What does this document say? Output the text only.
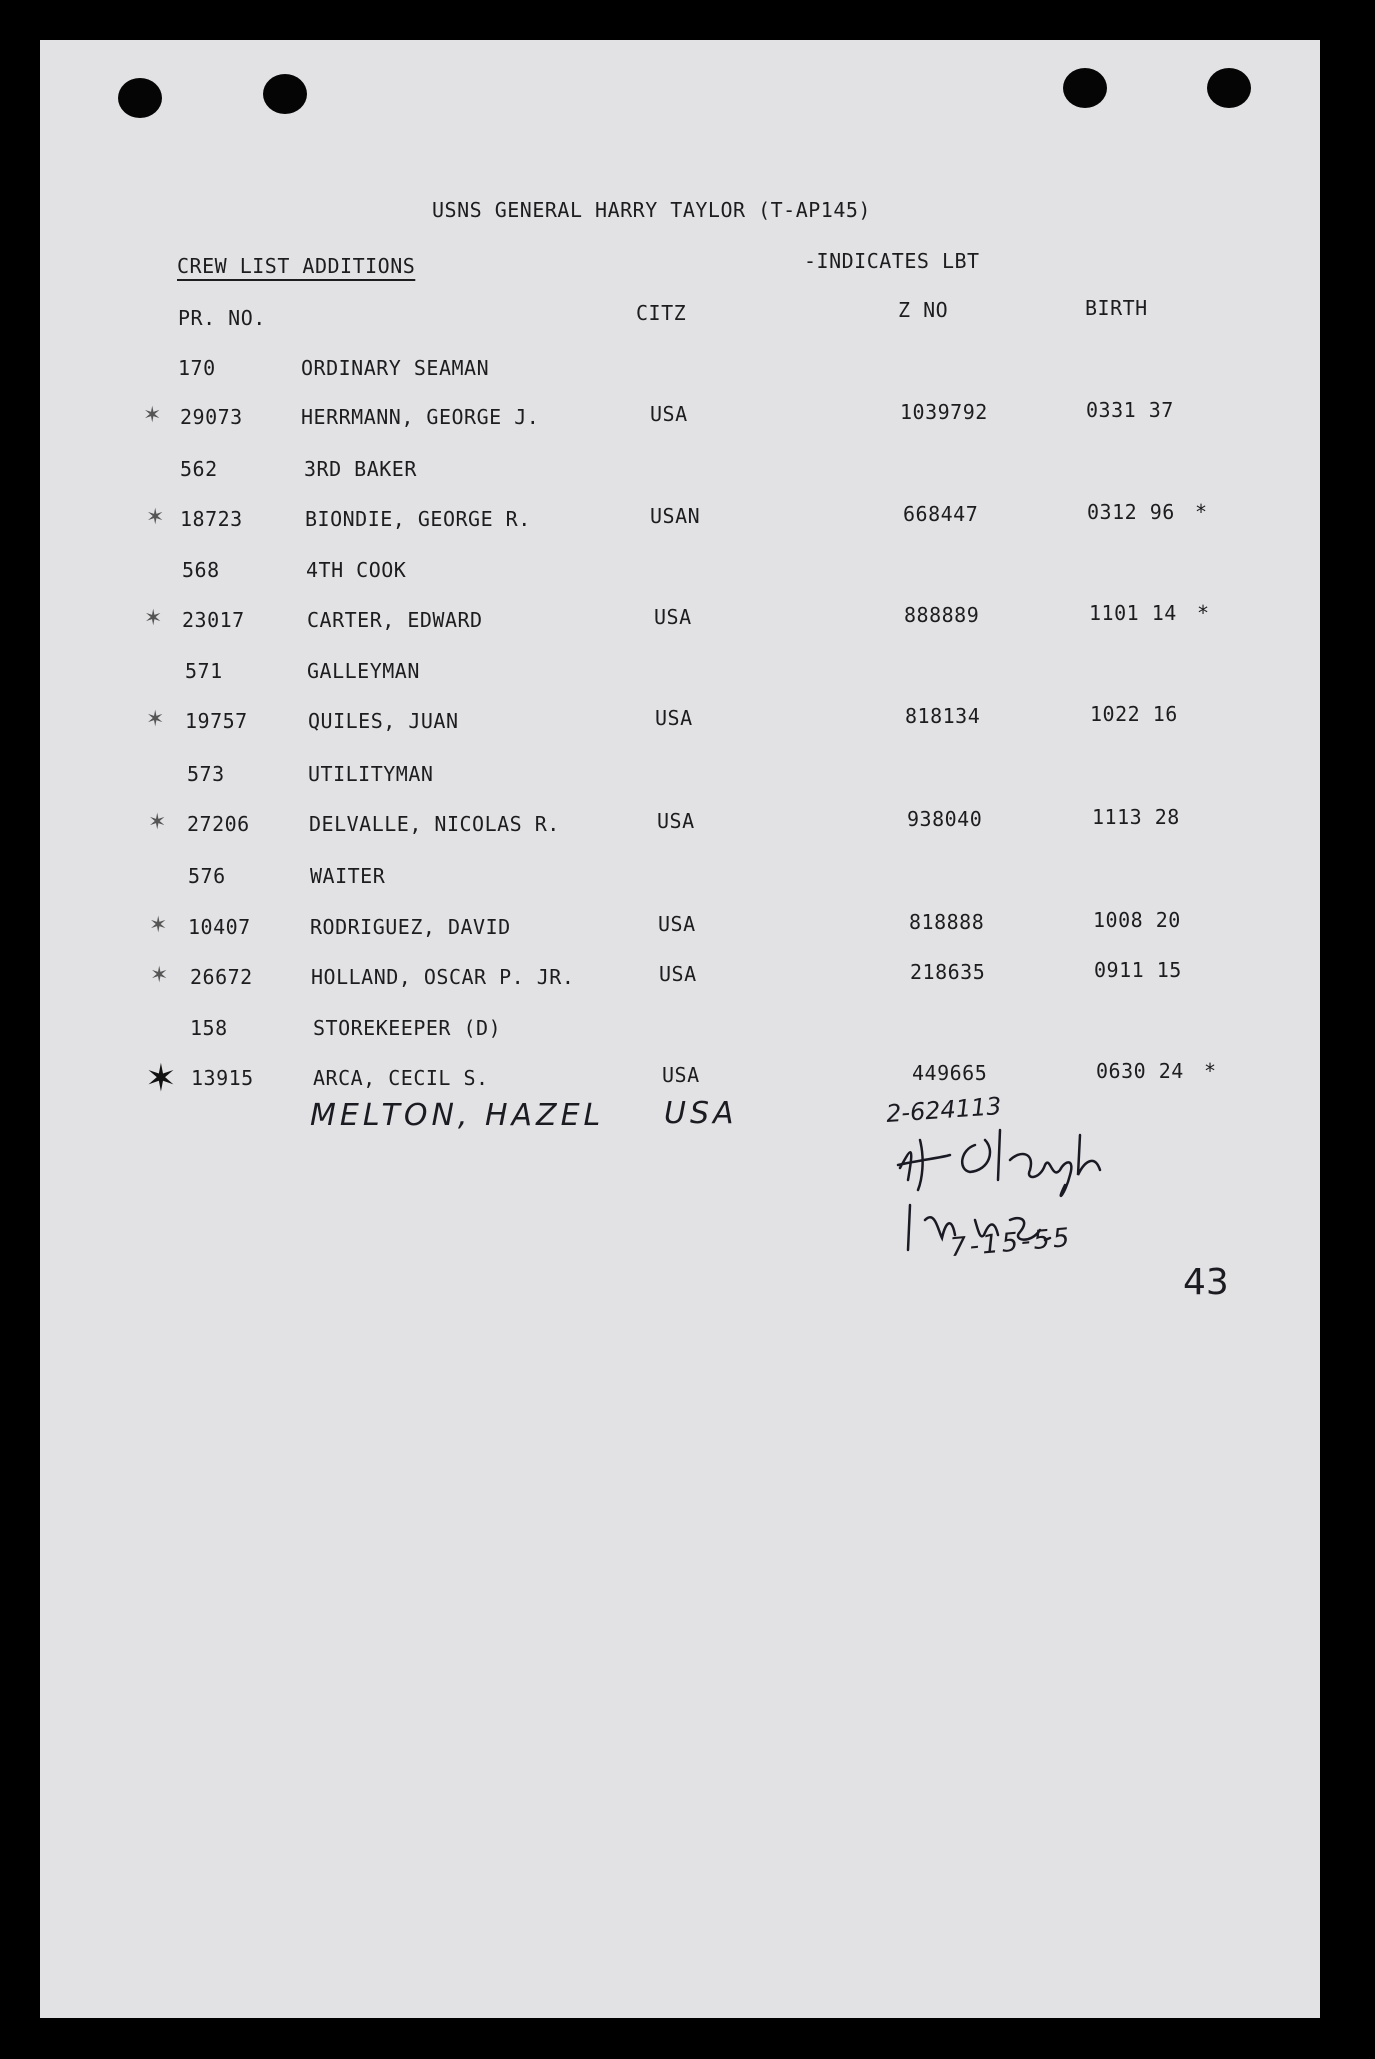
USNS GENERAL HARRY TAYLOR (T-AP145)
CREW LIST ADDITIONS	-INDICATES LBT
PR. NO.	CITZ	Z NO	BIRTH
170	ORDINARY SEAMAN
✶ 29073	HERRMANN, GEORGE J.	USA	1039792	0331 37
562	3RD BAKER
✶ 18723	BIONDIE, GEORGE R.	USAN	668447	0312 96 *
568	4TH COOK
✶ 23017	CARTER, EDWARD	USA	888889	1101 14 *
571	GALLEYMAN
✶ 19757	QUILES, JUAN	USA	818134	1022 16
573	UTILITYMAN
✶ 27206	DELVALLE, NICOLAS R.	USA	938040	1113 28
576	WAITER
✶ 10407	RODRIGUEZ, DAVID	USA	818888	1008 20
✶ 26672	HOLLAND, OSCAR P. JR.	USA	218635	0911 15
158	STOREKEEPER (D)
✶ 13915	ARCA, CECIL S.	USA	449665	0630 24 *
MELTON, HAZEL USA	2-624113
7-15-55
43
